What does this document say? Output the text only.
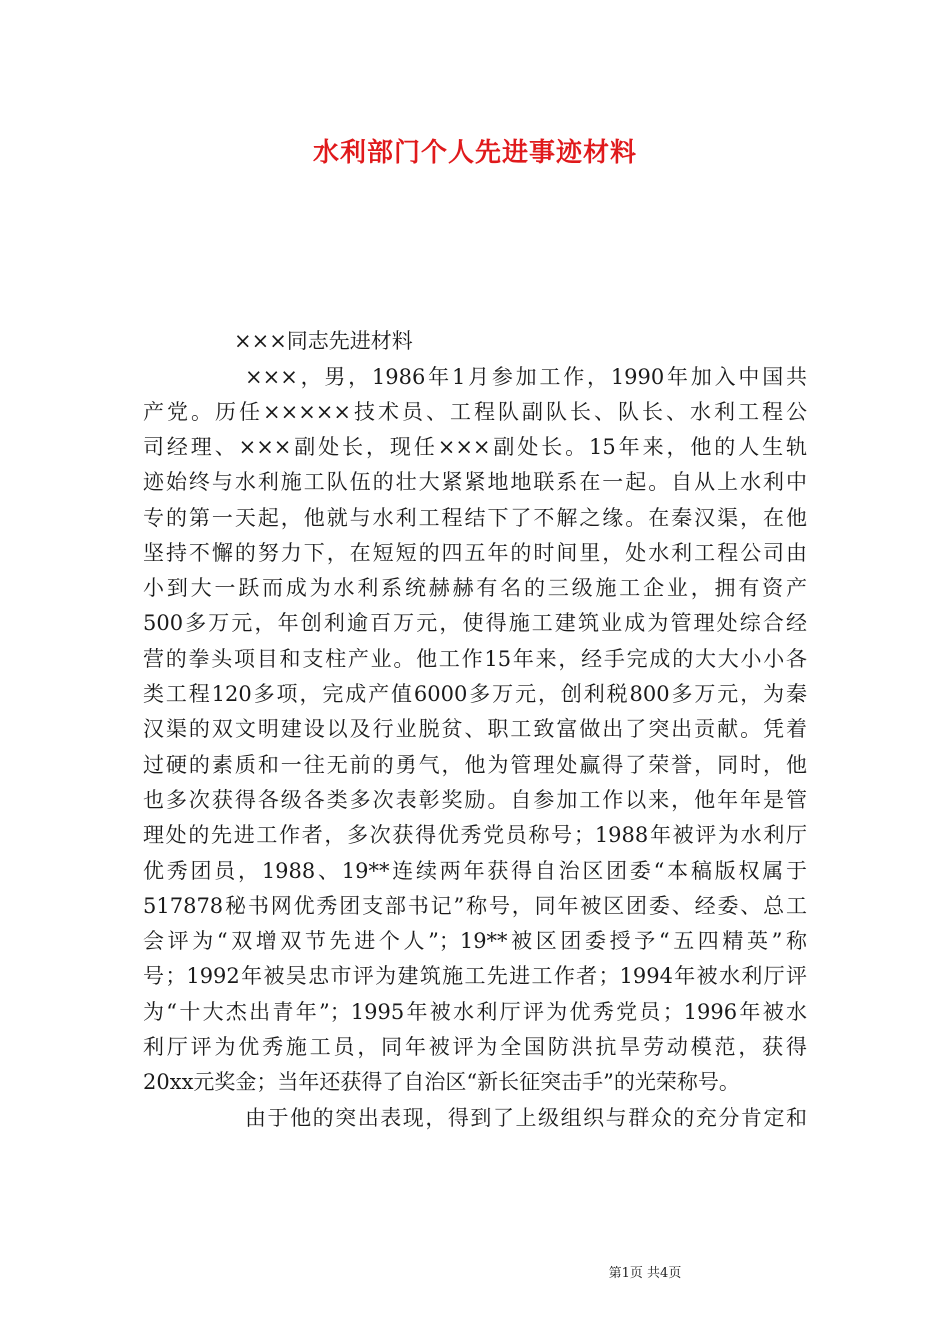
水利部门个人先进事迹材料
×××同志先进材料
×××，男，1986年1月参加工作，1990年加入中国共
产党。历任×××××技术员、工程队副队长、队长、水利工程公
司经理、×××副处长，现任×××副处长。15年来，他的人生轨
迹始终与水利施工队伍的壮大紧紧地地联系在一起。自从上水利中
专的第一天起，他就与水利工程结下了不解之缘。在秦汉渠，在他
坚持不懈的努力下，在短短的四五年的时间里，处水利工程公司由
小到大一跃而成为水利系统赫赫有名的三级施工企业，拥有资产
500多万元，年创利逾百万元，使得施工建筑业成为管理处综合经
营的拳头项目和支柱产业。他工作15年来，经手完成的大大小小各
类工程120多项，完成产值6000多万元，创利税800多万元，为秦
汉渠的双文明建设以及行业脱贫、职工致富做出了突出贡献。凭着
过硬的素质和一往无前的勇气，他为管理处赢得了荣誉，同时，他
也多次获得各级各类多次表彰奖励。自参加工作以来，他年年是管
理处的先进工作者，多次获得优秀党员称号；1988年被评为水利厅
优秀团员，1988、19**连续两年获得自治区团委“本稿版权属于
517878秘书网优秀团支部书记”称号，同年被区团委、经委、总工
会评为“双增双节先进个人”；19**被区团委授予“五四精英”称
号；1992年被吴忠市评为建筑施工先进工作者；1994年被水利厅评
为“十大杰出青年”；1995年被水利厅评为优秀党员；1996年被水
利厅评为优秀施工员，同年被评为全国防洪抗旱劳动模范，获得
20xx元奖金；当年还获得了自治区“新长征突击手”的光荣称号。
由于他的突出表现，得到了上级组织与群众的充分肯定和
第1页 共4页
